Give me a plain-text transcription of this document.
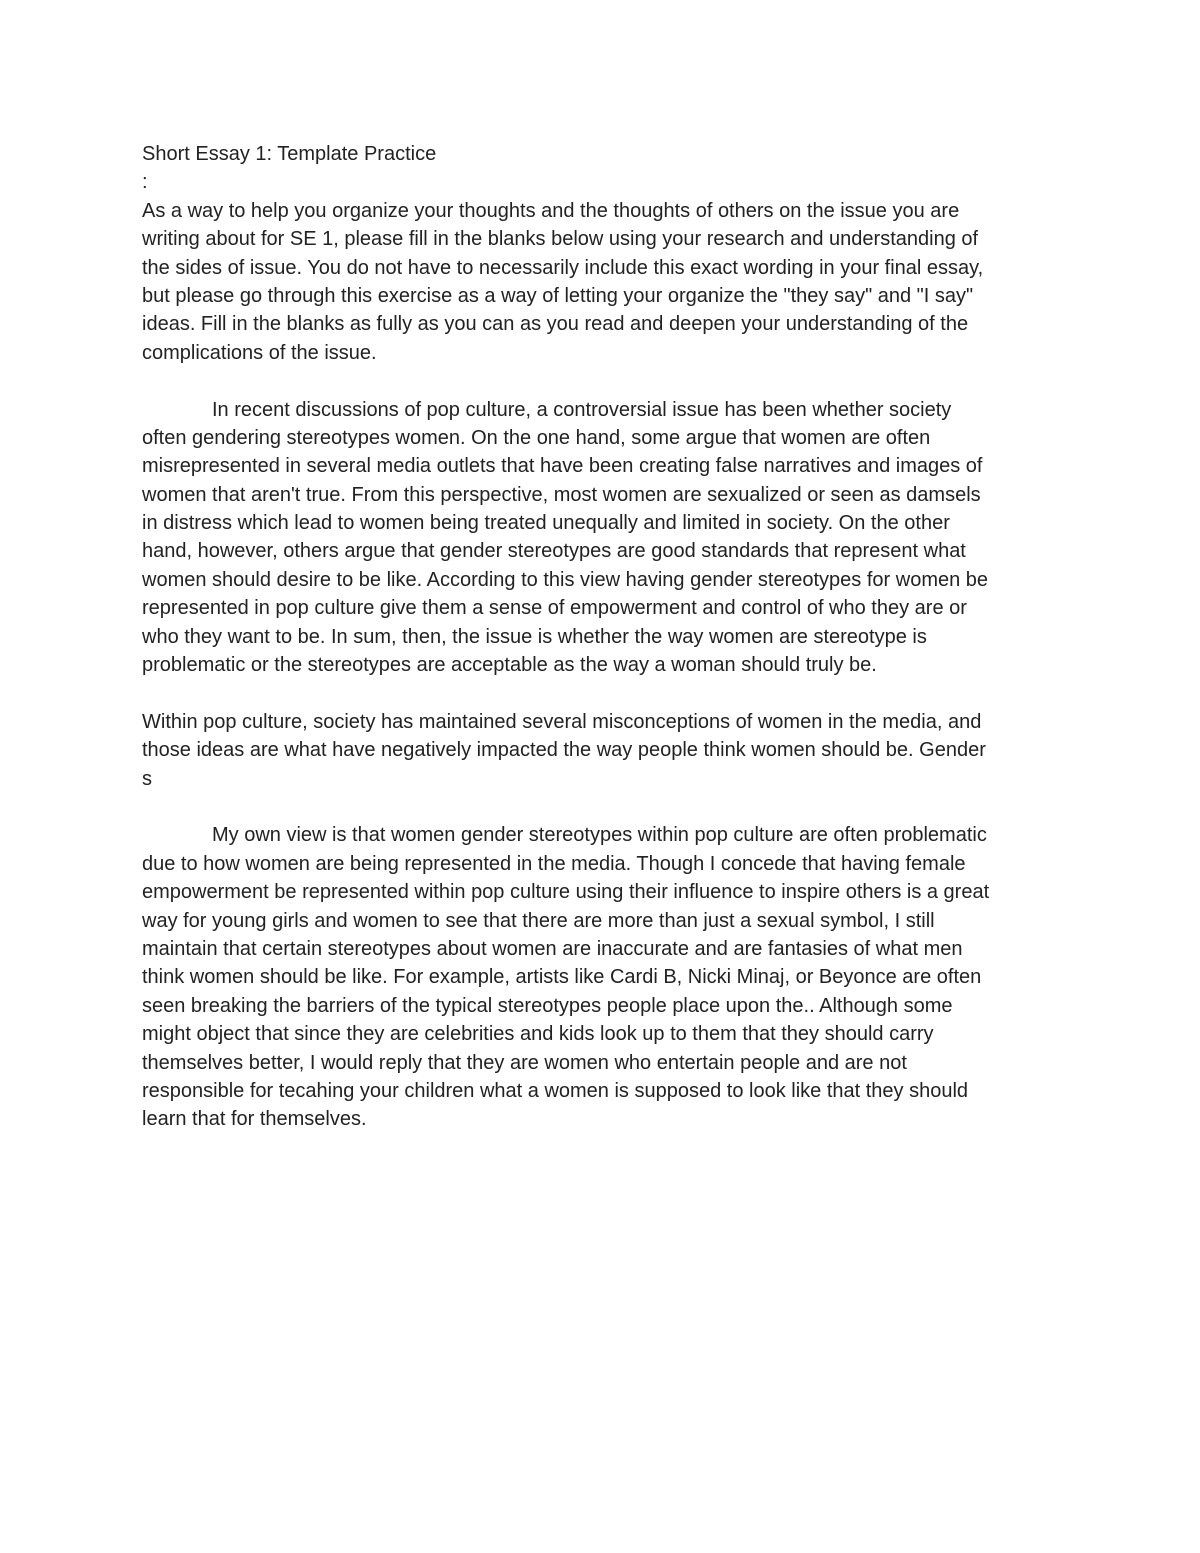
Short Essay 1: Template Practice
:
As a way to help you organize your thoughts and the thoughts of others on the issue you are
writing about for SE 1, please fill in the blanks below using your research and understanding of
the sides of issue. You do not have to necessarily include this exact wording in your final essay,
but please go through this exercise as a way of letting your organize the "they say" and "I say"
ideas. Fill in the blanks as fully as you can as you read and deepen your understanding of the
complications of the issue.
In recent discussions of pop culture, a controversial issue has been whether society
often gendering stereotypes women. On the one hand, some argue that women are often
misrepresented in several media outlets that have been creating false narratives and images of
women that aren't true. From this perspective, most women are sexualized or seen as damsels
in distress which lead to women being treated unequally and limited in society. On the other
hand, however, others argue that gender stereotypes are good standards that represent what
women should desire to be like. According to this view having gender stereotypes for women be
represented in pop culture give them a sense of empowerment and control of who they are or
who they want to be. In sum, then, the issue is whether the way women are stereotype is
problematic or the stereotypes are acceptable as the way a woman should truly be.
Within pop culture, society has maintained several misconceptions of women in the media, and
those ideas are what have negatively impacted the way people think women should be. Gender
s
My own view is that women gender stereotypes within pop culture are often problematic
due to how women are being represented in the media. Though I concede that having female
empowerment be represented within pop culture using their influence to inspire others is a great
way for young girls and women to see that there are more than just a sexual symbol, I still
maintain that certain stereotypes about women are inaccurate and are fantasies of what men
think women should be like. For example, artists like Cardi B, Nicki Minaj, or Beyonce are often
seen breaking the barriers of the typical stereotypes people place upon the.. Although some
might object that since they are celebrities and kids look up to them that they should carry
themselves better, I would reply that they are women who entertain people and are not
responsible for tecahing your children what a women is supposed to look like that they should
learn that for themselves.
